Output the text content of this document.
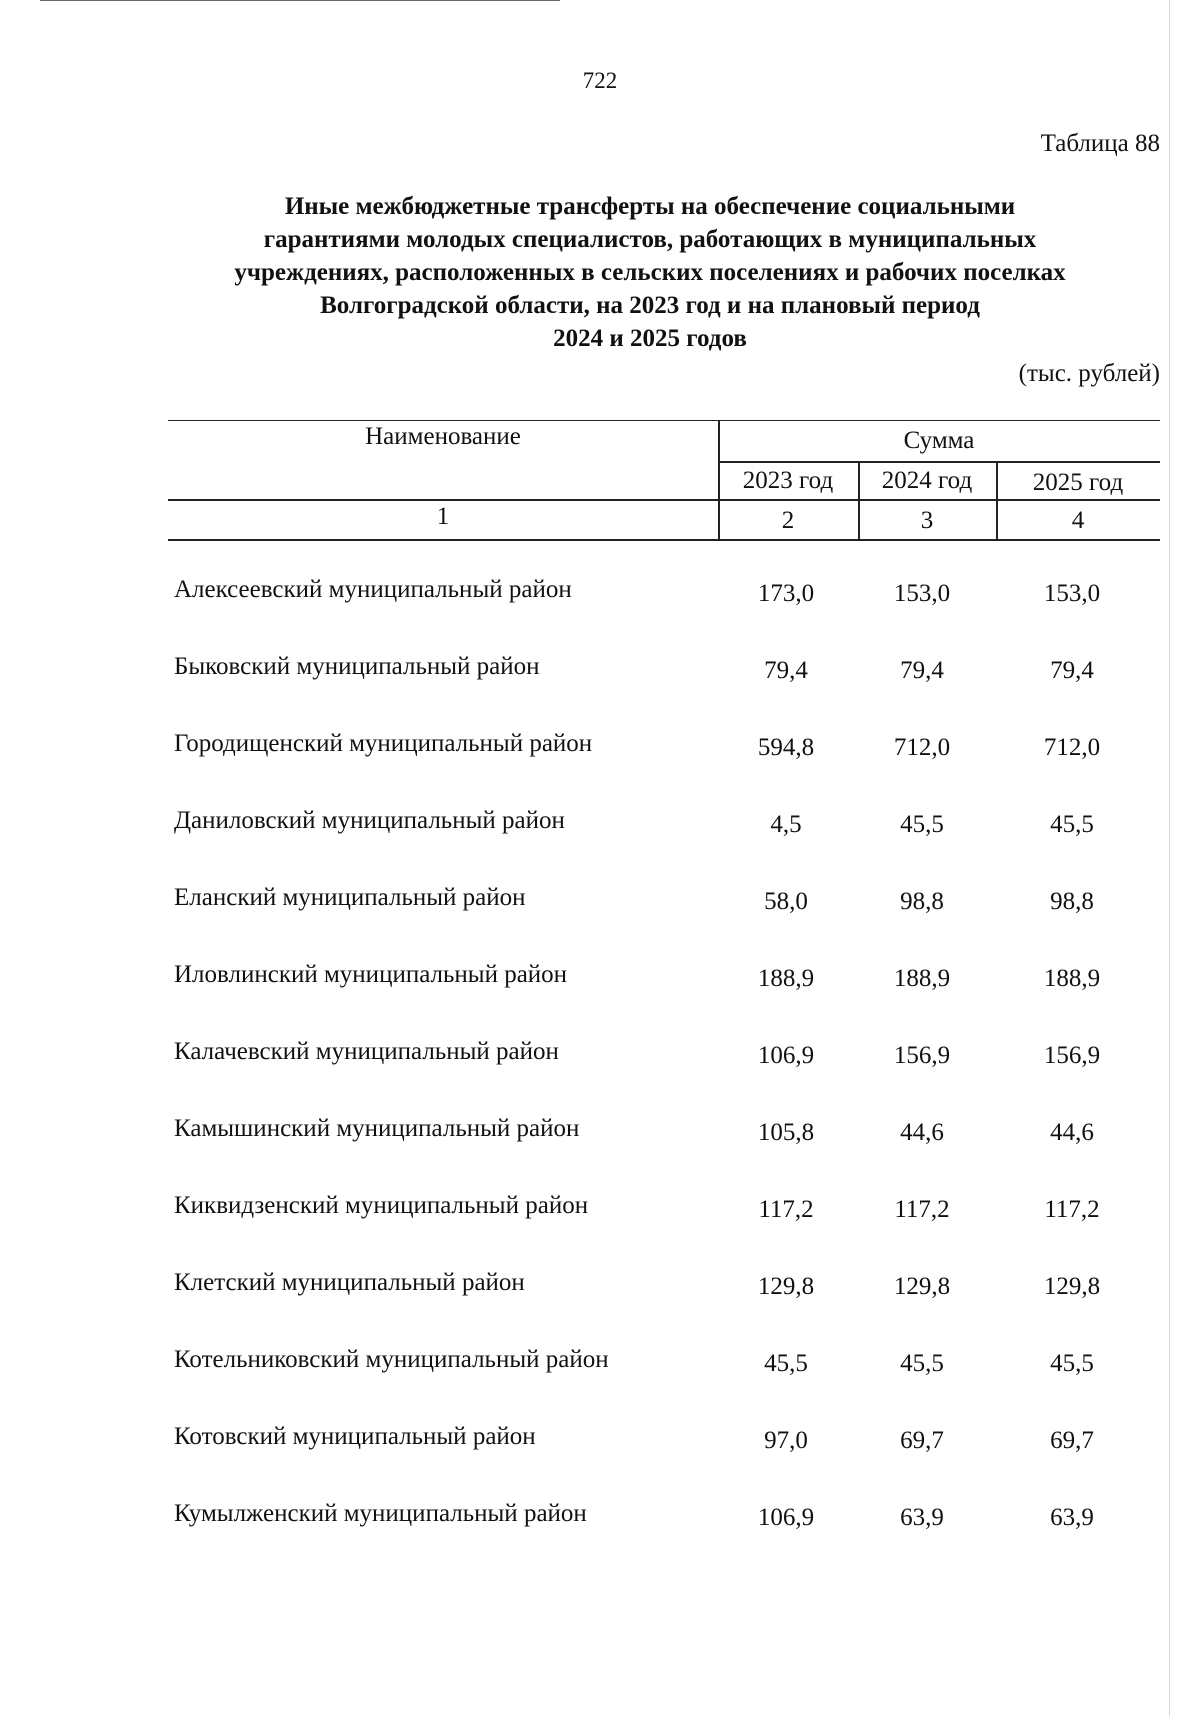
722
Таблица 88
Иные межбюджетные трансферты на обеспечение социальными
гарантиями молодых специалистов, работающих в муниципальных
учреждениях, расположенных в сельских поселениях и рабочих поселках
Волгоградской области, на 2023 год и на плановый период
2024 и 2025 годов
(тыс. рублей)
Наименование	Сумма
2023 год	2024 год	2025 год
1	2	3	4
Алексеевский муниципальный район	173,0	153,0	153,0
Быковский муниципальный район	79,4	79,4	79,4
Городищенский муниципальный район	594,8	712,0	712,0
Даниловский муниципальный район	4,5	45,5	45,5
Еланский муниципальный район	58,0	98,8	98,8
Иловлинский муниципальный район	188,9	188,9	188,9
Калачевский муниципальный район	106,9	156,9	156,9
Камышинский муниципальный район	105,8	44,6	44,6
Киквидзенский муниципальный район	117,2	117,2	117,2
Клетский муниципальный район	129,8	129,8	129,8
Котельниковский муниципальный район	45,5	45,5	45,5
Котовский муниципальный район	97,0	69,7	69,7
Кумылженский муниципальный район	106,9	63,9	63,9
